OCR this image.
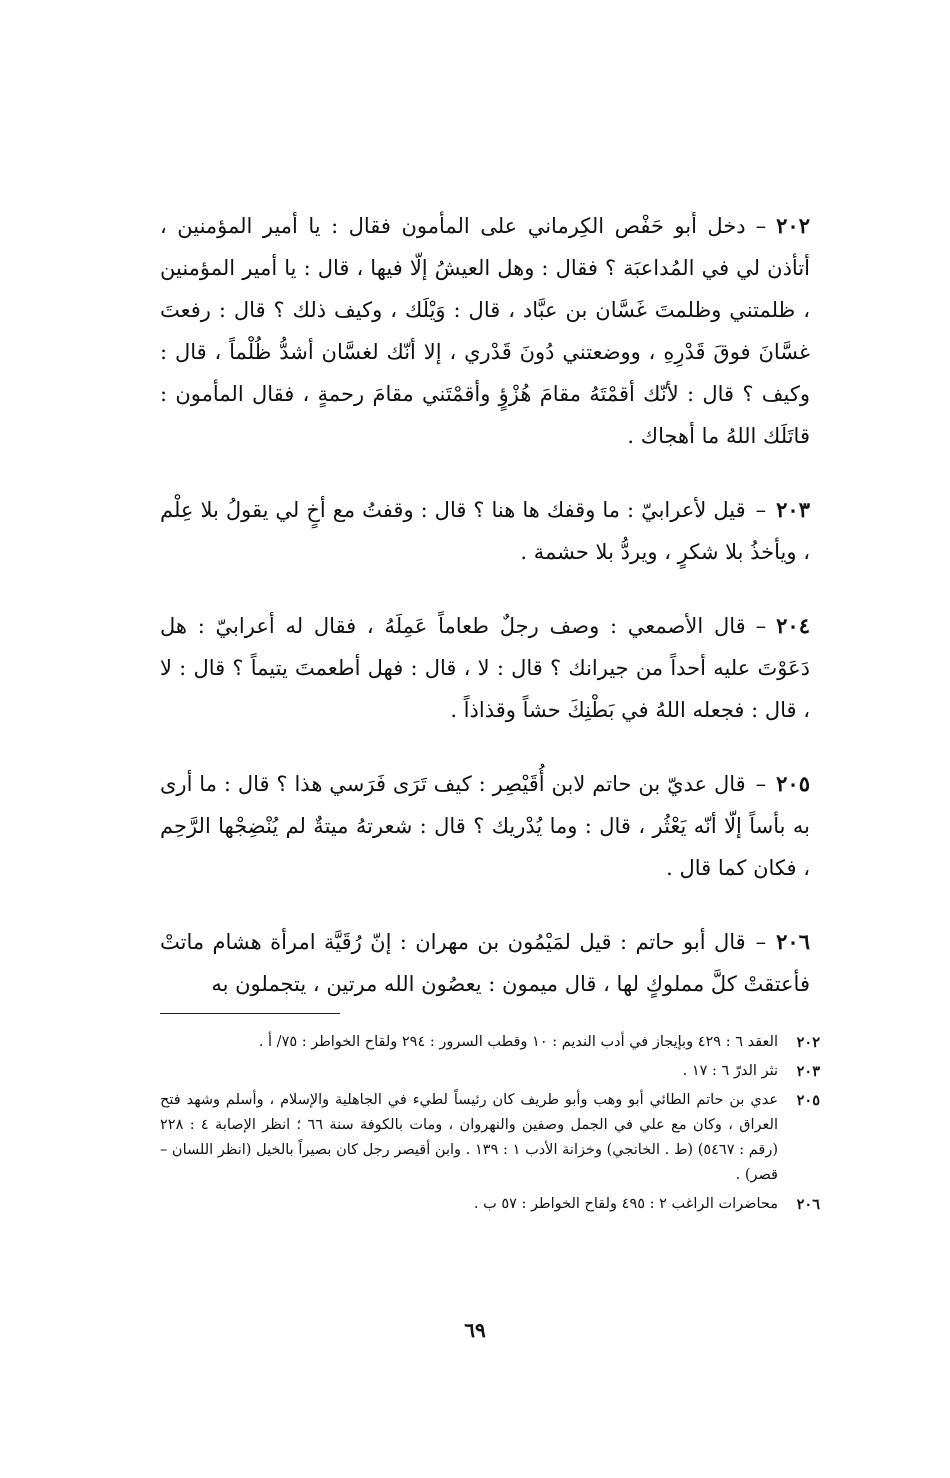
٢٠٢–دخل أبو حَفْص الكِرماني على المأمون فقال : يا أمير المؤمنين ، أتأذن لي في المُداعبَة ؟ فقال : وهل العيشُ إلّا فيها ، قال : يا أمير المؤمنين ، ظلمتني وظلمتَ غَسَّان بن عبَّاد ، قال : وَيْلَك ، وكيف ذلك ؟ قال : رفعتَ غسَّانَ فوقَ قَدْرِهِ ، ووضعتني دُونَ قَدْري ، إلا أنّك لغسَّان أشدُّ ظُلْماً ، قال : وكيف ؟ قال : لأنّك أقمْتَهُ مقامَ هُزْؤٍ وأقمْتَني مقامَ رحمةٍ ، فقال المأمون : قاتَلَك اللهُ ما أهجاك .

٢٠٣–قيل لأعرابيّ : ما وقفك ها هنا ؟ قال : وقفتُ مع أخٍ لي يقولُ بلا عِلْم ، ويأخذُ بلا شكرٍ ، ويردُّ بلا حشمة .

٢٠٤–قال الأصمعي : وصف رجلٌ طعاماً عَمِلَهُ ، فقال له أعرابيّ : هل دَعَوْتَ عليه أحداً من جيرانك ؟ قال : لا ، قال : فهل أطعمتَ يتيماً ؟ قال : لا ، قال : فجعله اللهُ في بَطْنِكَ حشاً وقذاذاً .

٢٠٥–قال عديّ بن حاتم لابن أُقَيْصِر : كيف تَرَى فَرَسي هذا ؟ قال : ما أرى به بأساً إلّا أنّه يَعْثُر ، قال : وما يُدْريك ؟ قال : شعرتهُ ميتةٌ لم يُنْضِجْها الرَّحِم ، فكان كما قال .

٢٠٦–قال أبو حاتم : قيل لمَيْمُون بن مهران : إنّ رُقَيَّة امرأة هشام ماتتْ فأعتقتْ كلَّ مملوكٍ لها ، قال ميمون : يعصُون الله مرتين ، يتجملون به

٢٠٢
العقد ٦ : ٤٢٩ وبإيجاز في أدب النديم : ١٠ وقطب السرور : ٢٩٤ ولقاح الخواطر : ٧٥/ أ .
٢٠٣
نثر الدرّ ٦ : ١٧ .
٢٠٥
عدي بن حاتم الطائي أبو وهب وأبو طريف كان رئيساً لطيء في الجاهلية والإسلام ، وأسلم وشهد فتح العراق ، وكان مع علي في الجمل وصفين والنهروان ، ومات بالكوفة سنة ٦٦ ؛ انظر الإصابة ٤ : ٢٢٨ (رقم : ٥٤٦٧) (ط . الخانجي) وخزانة الأدب ١ : ١٣٩ . وابن أقيصر رجل كان بصيراً بالخيل (انظر اللسان – قصر) .
٢٠٦
محاضرات الراغب ٢ : ٤٩٥ ولقاح الخواطر : ٥٧ ب .
٦٩
